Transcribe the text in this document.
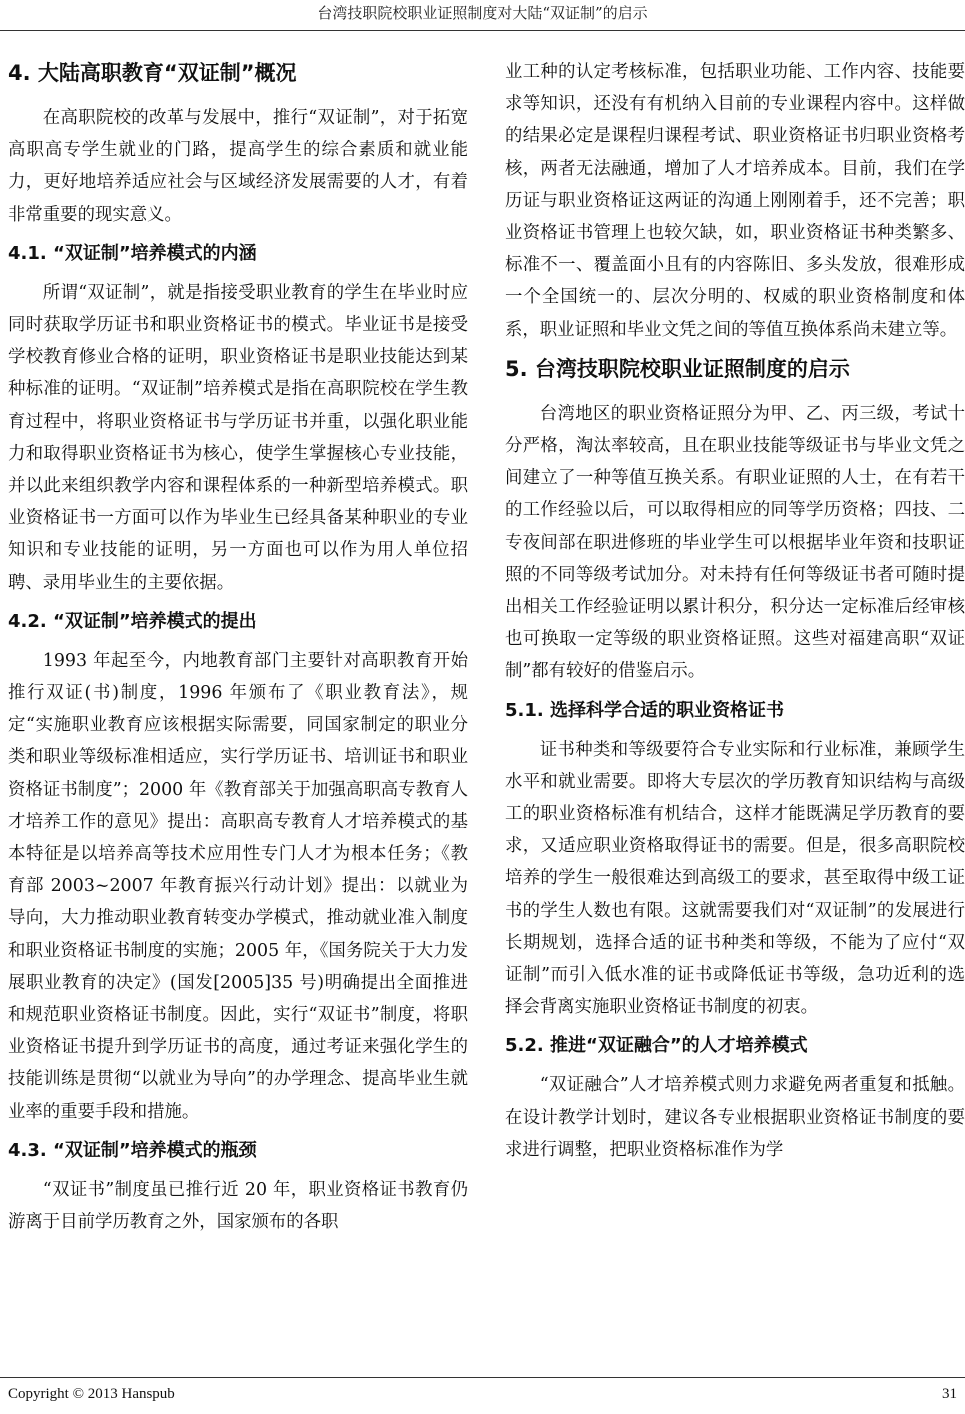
台湾技职院校职业证照制度对大陆“双证制”的启示
4. 大陆高职教育“双证制”概况

在高职院校的改革与发展中，推行“双证制”，对于拓宽高职高专学生就业的门路，提高学生的综合素质和就业能力，更好地培养适应社会与区域经济发展需要的人才，有着非常重要的现实意义。

4.1. “双证制”培养模式的内涵

所谓“双证制”，就是指接受职业教育的学生在毕业时应同时获取学历证书和职业资格证书的模式。毕业证书是接受学校教育修业合格的证明，职业资格证书是职业技能达到某种标准的证明。“双证制”培养模式是指在高职院校在学生教育过程中，将职业资格证书与学历证书并重，以强化职业能力和取得职业资格证书为核心，使学生掌握核心专业技能，并以此来组织教学内容和课程体系的一种新型培养模式。职业资格证书一方面可以作为毕业生已经具备某种职业的专业知识和专业技能的证明，另一方面也可以作为用人单位招聘、录用毕业生的主要依据。

4.2. “双证制”培养模式的提出

1993 年起至今，内地教育部门主要针对高职教育开始推行双证(书)制度，1996 年颁布了《职业教育法》，规定“实施职业教育应该根据实际需要，同国家制定的职业分类和职业等级标准相适应，实行学历证书、培训证书和职业资格证书制度”；2000 年《教育部关于加强高职高专教育人才培养工作的意见》提出：高职高专教育人才培养模式的基本特征是以培养高等技术应用性专门人才为根本任务；《教育部 2003~2007 年教育振兴行动计划》提出：以就业为导向，大力推动职业教育转变办学模式，推动就业准入制度和职业资格证书制度的实施；2005 年，《国务院关于大力发展职业教育的决定》(国发[2005]35 号)明确提出全面推进和规范职业资格证书制度。因此，实行“双证书”制度，将职业资格证书提升到学历证书的高度，通过考证来强化学生的技能训练是贯彻“以就业为导向”的办学理念、提高毕业生就业率的重要手段和措施。

4.3. “双证制”培养模式的瓶颈

“双证书”制度虽已推行近 20 年，职业资格证书教育仍游离于目前学历教育之外，国家颁布的各职

业工种的认定考核标准，包括职业功能、工作内容、技能要求等知识，还没有有机纳入目前的专业课程内容中。这样做的结果必定是课程归课程考试、职业资格证书归职业资格考核，两者无法融通，增加了人才培养成本。目前，我们在学历证与职业资格证这两证的沟通上刚刚着手，还不完善；职业资格证书管理上也较欠缺，如，职业资格证书种类繁多、标准不一、覆盖面小且有的内容陈旧、多头发放，很难形成一个全国统一的、层次分明的、权威的职业资格制度和体系，职业证照和毕业文凭之间的等值互换体系尚未建立等。

5. 台湾技职院校职业证照制度的启示

台湾地区的职业资格证照分为甲、乙、丙三级，考试十分严格，淘汰率较高，且在职业技能等级证书与毕业文凭之间建立了一种等值互换关系。有职业证照的人士，在有若干的工作经验以后，可以取得相应的同等学历资格；四技、二专夜间部在职进修班的毕业学生可以根据毕业年资和技职证照的不同等级考试加分。对未持有任何等级证书者可随时提出相关工作经验证明以累计积分，积分达一定标准后经审核也可换取一定等级的职业资格证照。这些对福建高职“双证制”都有较好的借鉴启示。

5.1. 选择科学合适的职业资格证书

证书种类和等级要符合专业实际和行业标准，兼顾学生水平和就业需要。即将大专层次的学历教育知识结构与高级工的职业资格标准有机结合，这样才能既满足学历教育的要求，又适应职业资格取得证书的需要。但是，很多高职院校培养的学生一般很难达到高级工的要求，甚至取得中级工证书的学生人数也有限。这就需要我们对“双证制”的发展进行长期规划，选择合适的证书种类和等级，不能为了应付“双证制”而引入低水准的证书或降低证书等级，急功近利的选择会背离实施职业资格证书制度的初衷。

5.2. 推进“双证融合”的人才培养模式

“双证融合”人才培养模式则力求避免两者重复和抵触。在设计教学计划时，建议各专业根据职业资格证书制度的要求进行调整，把职业资格标准作为学

Copyright © 2013 Hanspub	31
